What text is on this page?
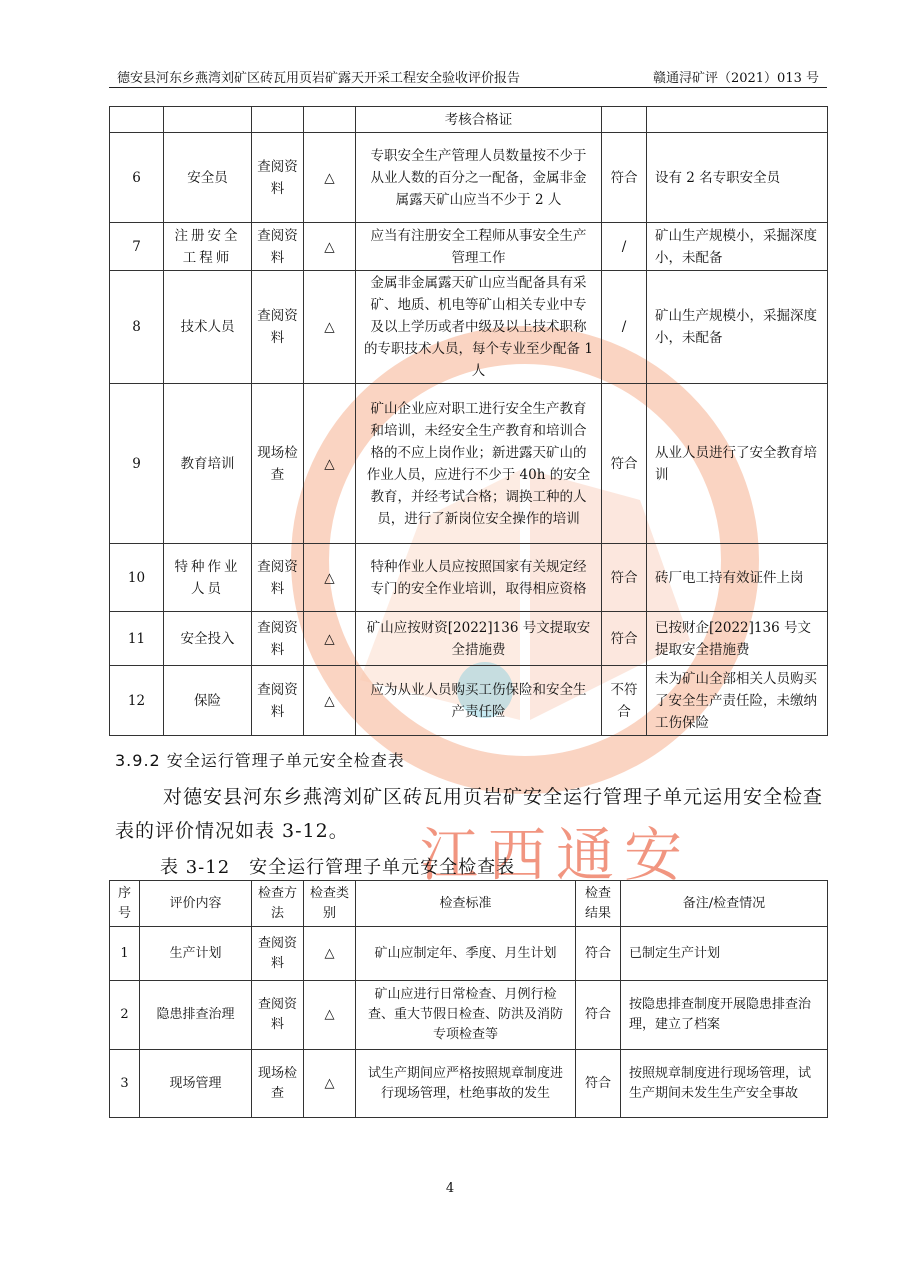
江西通安
德安县河东乡燕湾刘矿区砖瓦用页岩矿露天开采工程安全验收评价报告	赣通浔矿评（2021）013 号
				考核合格证		
6	安全员	查阅资料	△	专职安全生产管理人员数量按不少于从业人数的百分之一配备，金属非金属露天矿山应当不少于 2 人	符合	设有 2 名专职安全员
7	注册安全工程师	查阅资料	△	应当有注册安全工程师从事安全生产管理工作	/	矿山生产规模小，采掘深度小，未配备
8	技术人员	查阅资料	△	金属非金属露天矿山应当配备具有采矿、地质、机电等矿山相关专业中专及以上学历或者中级及以上技术职称的专职技术人员，每个专业至少配备 1 人	/	矿山生产规模小，采掘深度小，未配备
9	教育培训	现场检查	△	矿山企业应对职工进行安全生产教育和培训，未经安全生产教育和培训合格的不应上岗作业；新进露天矿山的作业人员，应进行不少于 40h 的安全教育，并经考试合格；调换工种的人员，进行了新岗位安全操作的培训	符合	从业人员进行了安全教育培训
10	特种作业人员	查阅资料	△	特种作业人员应按照国家有关规定经专门的安全作业培训，取得相应资格	符合	砖厂电工持有效证件上岗
11	安全投入	查阅资料	△	矿山应按财资[2022]136 号文提取安全措施费	符合	已按财企[2022]136 号文提取安全措施费
12	保险	查阅资料	△	应为从业人员购买工伤保险和安全生产责任险	不符合	未为矿山全部相关人员购买了安全生产责任险，未缴纳工伤保险
3.9.2 安全运行管理子单元安全检查表
对德安县河东乡燕湾刘矿区砖瓦用页岩矿安全运行管理子单元运用安全检查表的评价情况如表 3-12。
表 3-12　安全运行管理子单元安全检查表
序号	评价内容	检查方法	检查类别	检查标准	检查结果	备注/检查情况
1	生产计划	查阅资料	△	矿山应制定年、季度、月生计划	符合	已制定生产计划
2	隐患排查治理	查阅资料	△	矿山应进行日常检查、月例行检查、重大节假日检查、防洪及消防专项检查等	符合	按隐患排查制度开展隐患排查治理，建立了档案
3	现场管理	现场检查	△	试生产期间应严格按照规章制度进行现场管理，杜绝事故的发生	符合	按照规章制度进行现场管理，试生产期间未发生生产安全事故
4
